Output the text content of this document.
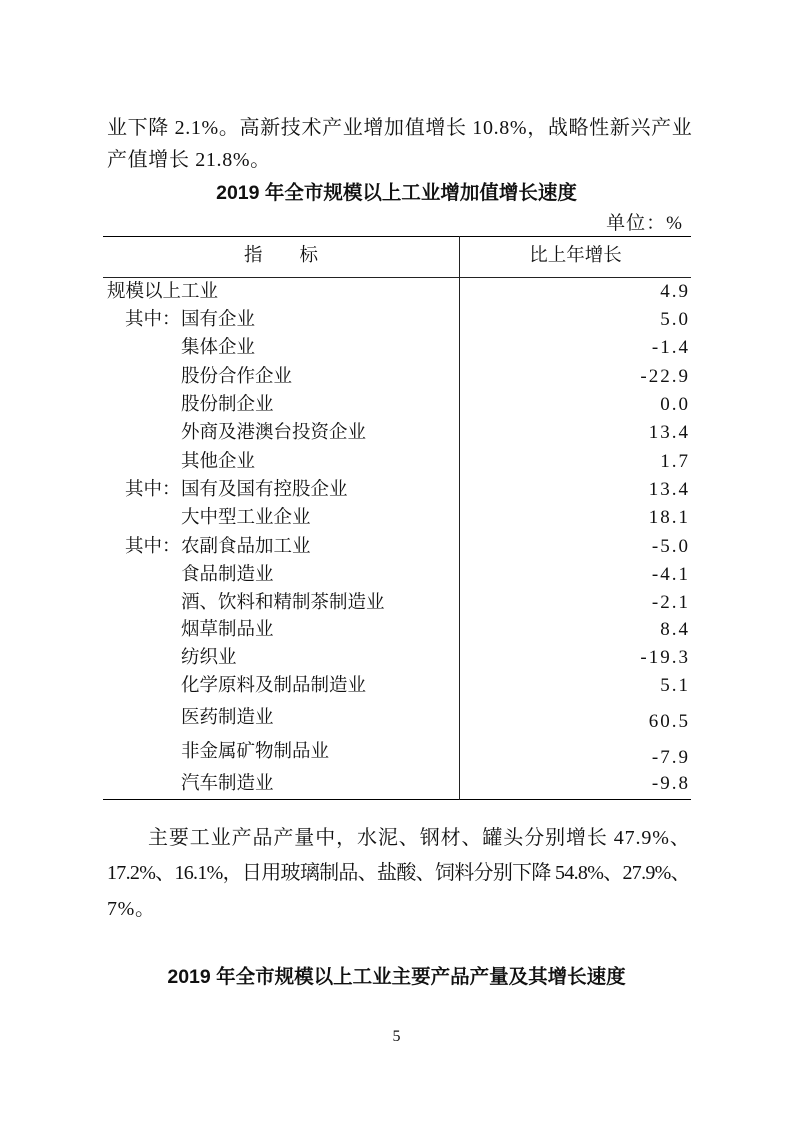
业下降 2.1%。高新技术产业增加值增长 10.8%，战略性新兴产业
产值增长 21.8%。
2019 年全市规模以上工业增加值增长速度
单位：%
指　　标	比上年增长
规模以上工业	4.9
其中： 国有企业	5.0
集体企业	-1.4
股份合作企业	-22.9
股份制企业	0.0
外商及港澳台投资企业	13.4
其他企业	1.7
其中： 国有及国有控股企业	13.4
大中型工业企业	18.1
其中： 农副食品加工业	-5.0
食品制造业	-4.1
酒、饮料和精制茶制造业	-2.1
烟草制品业	8.4
纺织业	-19.3
化学原料及制品制造业	5.1
医药制造业	60.5
非金属矿物制品业	-7.9
汽车制造业	-9.8
主要工业产品产量中，水泥、钢材、罐头分别增长 47.9%、
17.2%、16.1%，日用玻璃制品、盐酸、饲料分别下降 54.8%、27.9%、
7%。
2019 年全市规模以上工业主要产品产量及其增长速度
5
